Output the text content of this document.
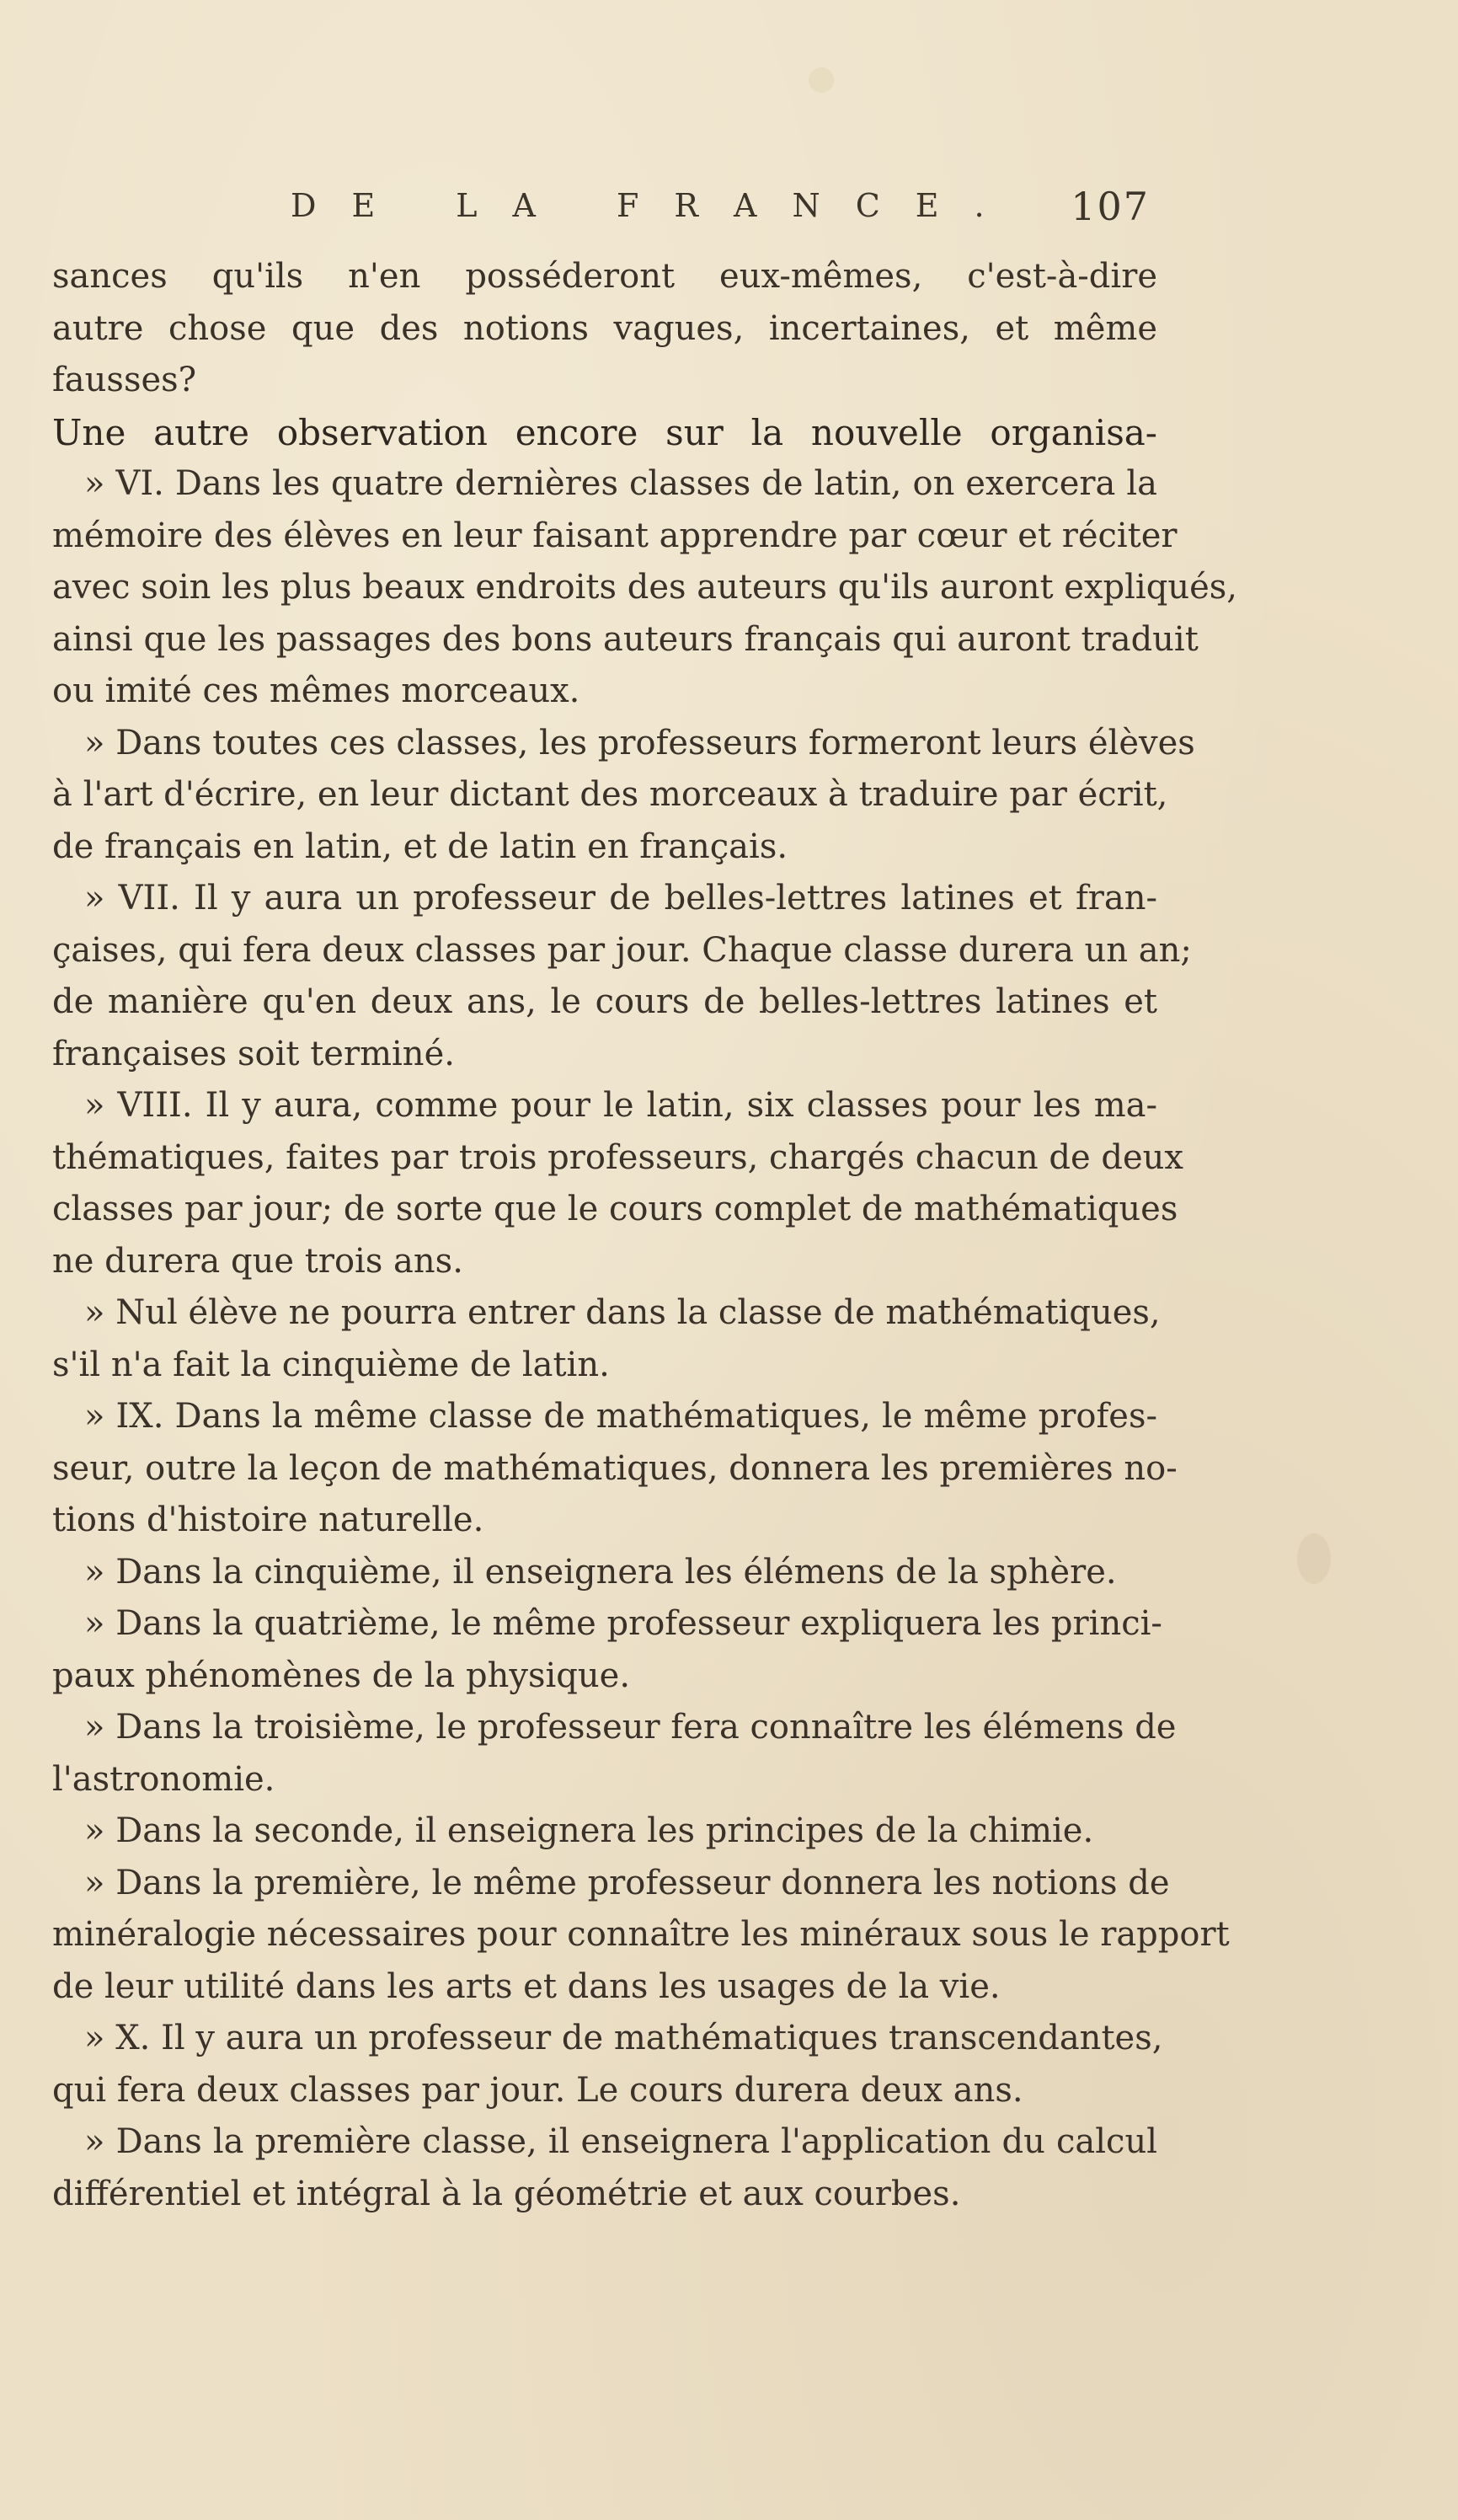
DE LA FRANCE. 107
sances qu'ils n'en posséderont eux-mêmes, c'est-à-dire
autre chose que des notions vagues, incertaines, et même
fausses?
Une autre observation encore sur la nouvelle organisa-
» VI. Dans les quatre dernières classes de latin, on exercera la
mémoire des élèves en leur faisant apprendre par cœur et réciter
avec soin les plus beaux endroits des auteurs qu'ils auront expliqués,
ainsi que les passages des bons auteurs français qui auront traduit
ou imité ces mêmes morceaux.
» Dans toutes ces classes, les professeurs formeront leurs élèves
à l'art d'écrire, en leur dictant des morceaux à traduire par écrit,
de français en latin, et de latin en français.
» VII. Il y aura un professeur de belles-lettres latines et fran-
çaises, qui fera deux classes par jour. Chaque classe durera un an;
de manière qu'en deux ans, le cours de belles-lettres latines et
françaises soit terminé.
» VIII. Il y aura, comme pour le latin, six classes pour les ma-
thématiques, faites par trois professeurs, chargés chacun de deux
classes par jour; de sorte que le cours complet de mathématiques
ne durera que trois ans.
» Nul élève ne pourra entrer dans la classe de mathématiques,
s'il n'a fait la cinquième de latin.
» IX. Dans la même classe de mathématiques, le même profes-
seur, outre la leçon de mathématiques, donnera les premières no-
tions d'histoire naturelle.
» Dans la cinquième, il enseignera les élémens de la sphère.
» Dans la quatrième, le même professeur expliquera les princi-
paux phénomènes de la physique.
» Dans la troisième, le professeur fera connaître les élémens de
l'astronomie.
» Dans la seconde, il enseignera les principes de la chimie.
» Dans la première, le même professeur donnera les notions de
minéralogie nécessaires pour connaître les minéraux sous le rapport
de leur utilité dans les arts et dans les usages de la vie.
» X. Il y aura un professeur de mathématiques transcendantes,
qui fera deux classes par jour. Le cours durera deux ans.
» Dans la première classe, il enseignera l'application du calcul
différentiel et intégral à la géométrie et aux courbes.
